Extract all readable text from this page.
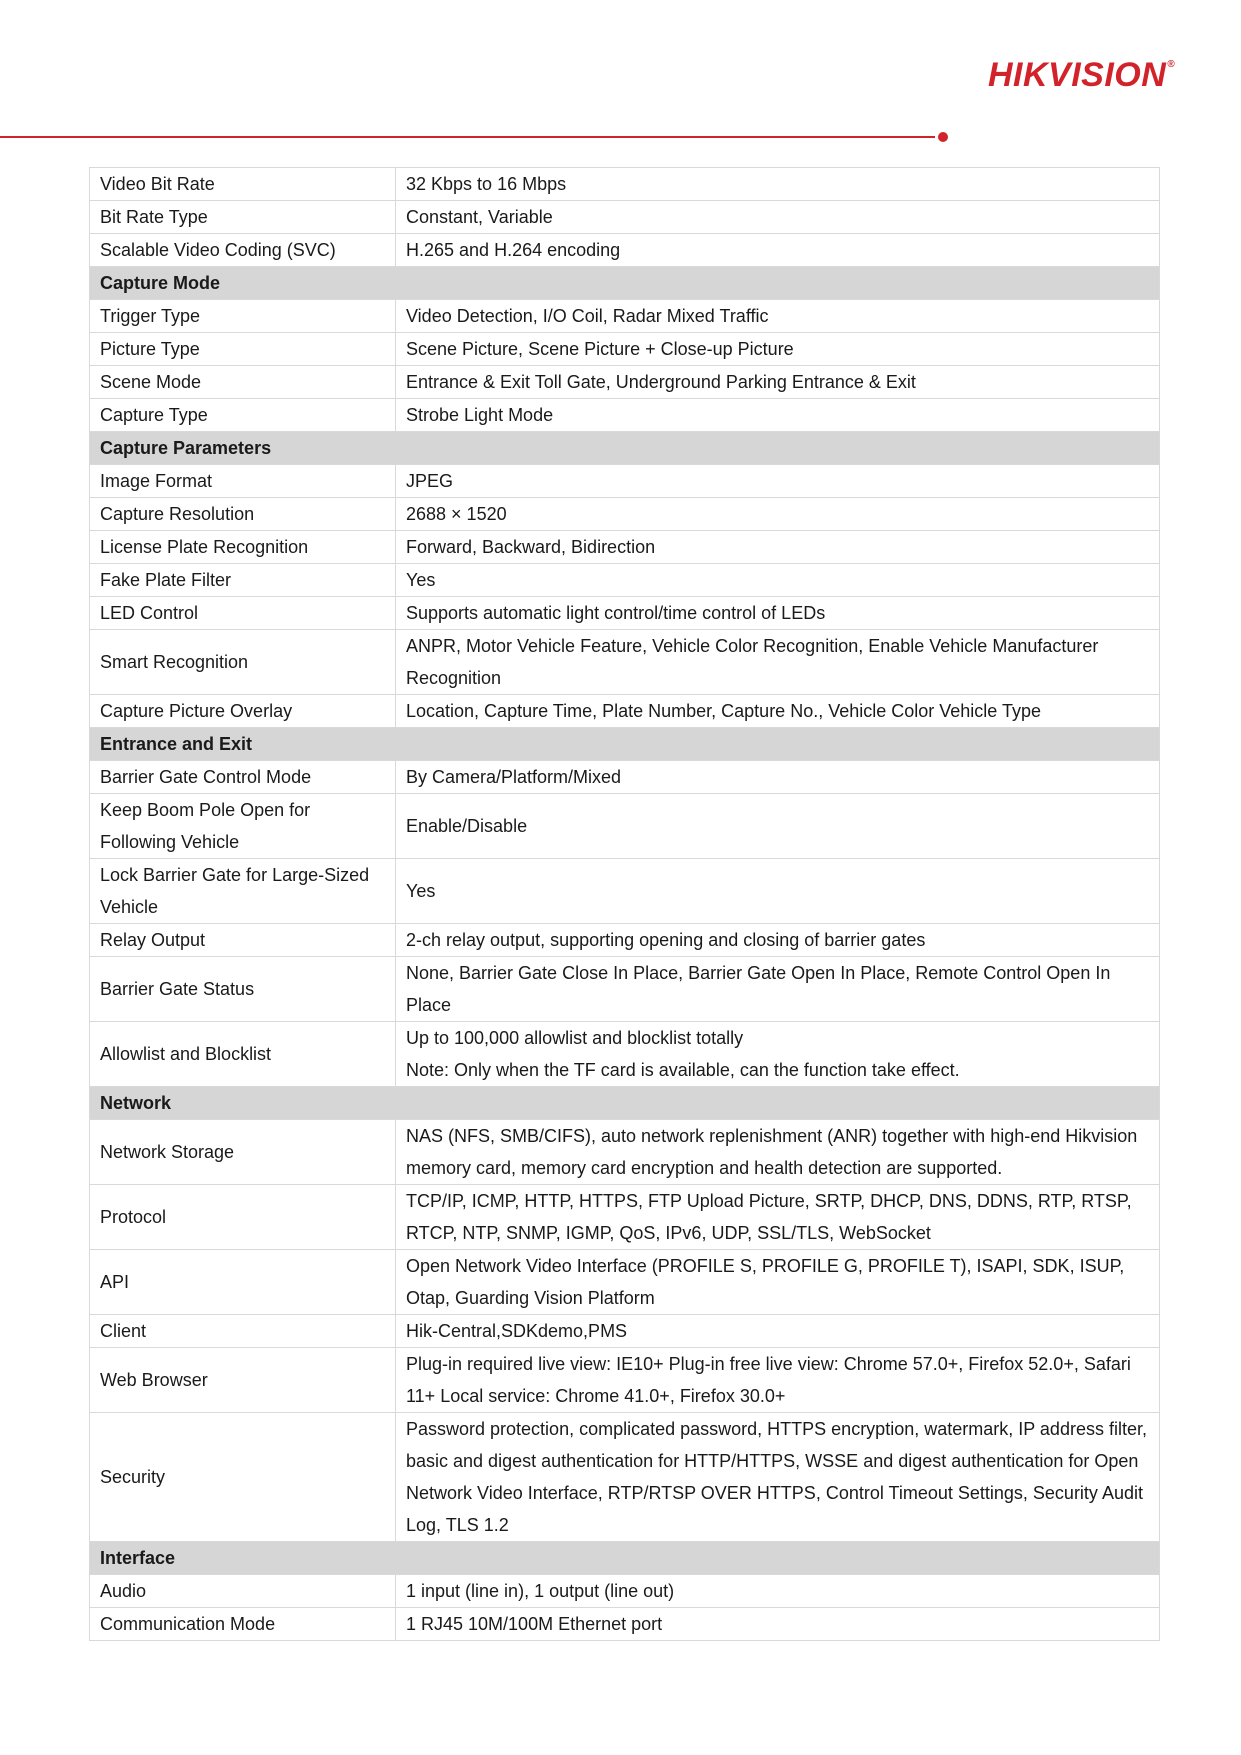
HIKVISION®
Video Bit Rate	32 Kbps to 16 Mbps

Bit Rate Type	Constant, Variable

Scalable Video Coding (SVC)	H.265 and H.264 encoding

Capture Mode	
Trigger Type	Video Detection, I/O Coil, Radar Mixed Traffic

Picture Type	Scene Picture, Scene Picture + Close-up Picture

Scene Mode	Entrance & Exit Toll Gate, Underground Parking Entrance & Exit

Capture Type	Strobe Light Mode

Capture Parameters	
Image Format	JPEG

Capture Resolution	2688 × 1520

License Plate Recognition	Forward, Backward, Bidirection

Fake Plate Filter	Yes

LED Control	Supports automatic light control/time control of LEDs

Smart Recognition	ANPR, Motor Vehicle Feature, Vehicle Color Recognition, Enable Vehicle Manufacturer Recognition

Capture Picture Overlay	Location, Capture Time, Plate Number, Capture No., Vehicle Color Vehicle Type

Entrance and Exit	
Barrier Gate Control Mode	By Camera/Platform/Mixed

Keep Boom Pole Open for Following Vehicle	Enable/Disable

Lock Barrier Gate for Large-Sized Vehicle	Yes

Relay Output	2-ch relay output, supporting opening and closing of barrier gates

Barrier Gate Status	None, Barrier Gate Close In Place, Barrier Gate Open In Place, Remote Control Open In Place

Allowlist and Blocklist	Up to 100,000 allowlist and blocklist totally
Note: Only when the TF card is available, can the function take effect.

Network	
Network Storage	NAS (NFS, SMB/CIFS), auto network replenishment (ANR) together with high-end Hikvision memory card, memory card encryption and health detection are supported.

Protocol	TCP/IP, ICMP, HTTP, HTTPS, FTP Upload Picture, SRTP, DHCP, DNS, DDNS, RTP, RTSP, RTCP, NTP, SNMP, IGMP, QoS, IPv6, UDP, SSL/TLS, WebSocket

API	Open Network Video Interface (PROFILE S, PROFILE G, PROFILE T), ISAPI, SDK, ISUP, Otap, Guarding Vision Platform

Client	Hik-Central,SDKdemo,PMS

Web Browser	Plug-in required live view: IE10+ Plug-in free live view: Chrome 57.0+, Firefox 52.0+, Safari 11+ Local service: Chrome 41.0+, Firefox 30.0+

Security	Password protection, complicated password, HTTPS encryption, watermark, IP address filter, basic and digest authentication for HTTP/HTTPS, WSSE and digest authentication for Open Network Video Interface, RTP/RTSP OVER HTTPS, Control Timeout Settings, Security Audit Log, TLS 1.2

Interface	
Audio	1 input (line in), 1 output (line out)

Communication Mode	1 RJ45 10M/100M Ethernet port
